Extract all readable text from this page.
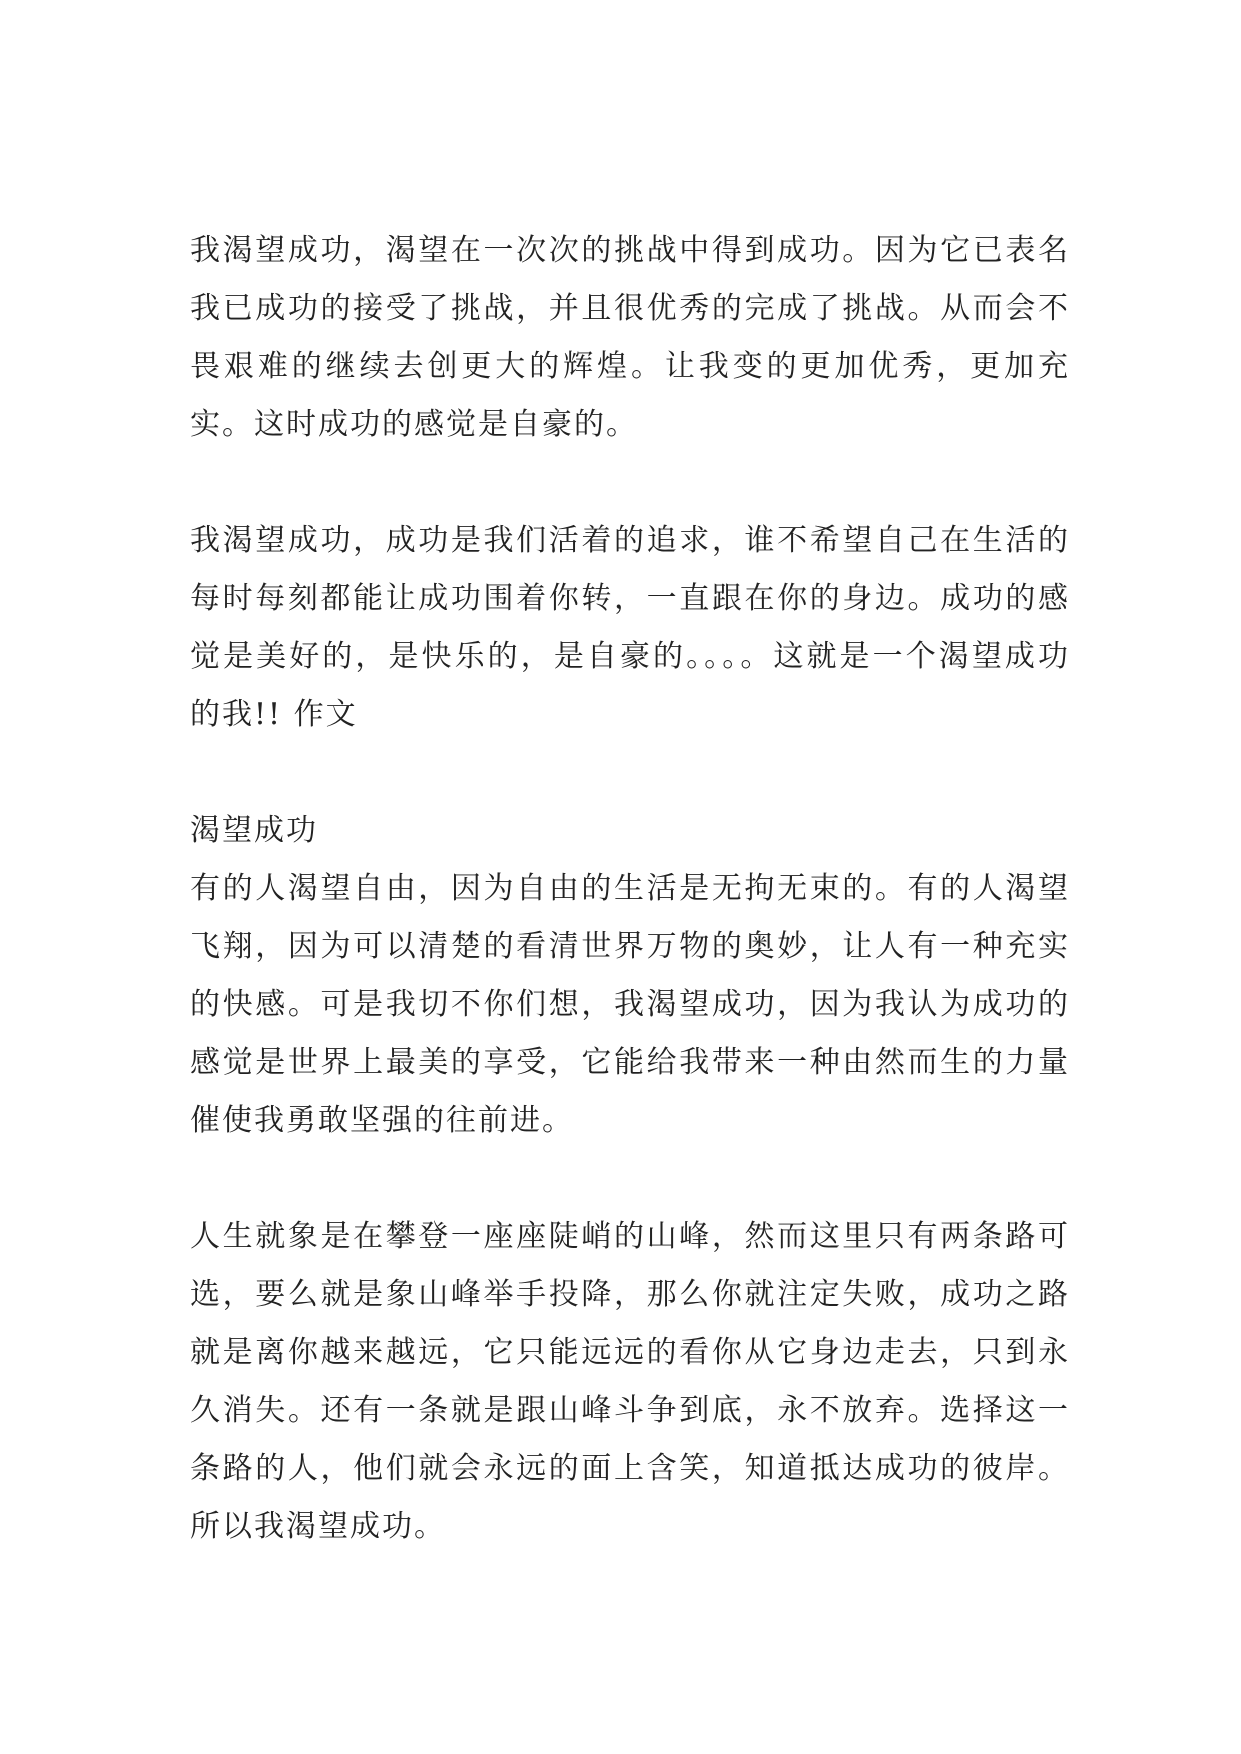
我渴望成功，渴望在一次次的挑战中得到成功。因为它已表名我已成功的接受了挑战，并且很优秀的完成了挑战。从而会不畏艰难的继续去创更大的辉煌。让我变的更加优秀，更加充实。这时成功的感觉是自豪的。

我渴望成功，成功是我们活着的追求，谁不希望自己在生活的每时每刻都能让成功围着你转，一直跟在你的身边。成功的感觉是美好的，是快乐的，是自豪的。。。。这就是一个渴望成功的我!! 作文

渴望成功

有的人渴望自由，因为自由的生活是无拘无束的。有的人渴望飞翔，因为可以清楚的看清世界万物的奥妙，让人有一种充实的快感。可是我切不你们想，我渴望成功，因为我认为成功的感觉是世界上最美的享受，它能给我带来一种由然而生的力量催使我勇敢坚强的往前进。

人生就象是在攀登一座座陡峭的山峰，然而这里只有两条路可选，要么就是象山峰举手投降，那么你就注定失败，成功之路就是离你越来越远，它只能远远的看你从它身边走去，只到永久消失。还有一条就是跟山峰斗争到底，永不放弃。选择这一条路的人，他们就会永远的面上含笑，知道抵达成功的彼岸。所以我渴望成功。
